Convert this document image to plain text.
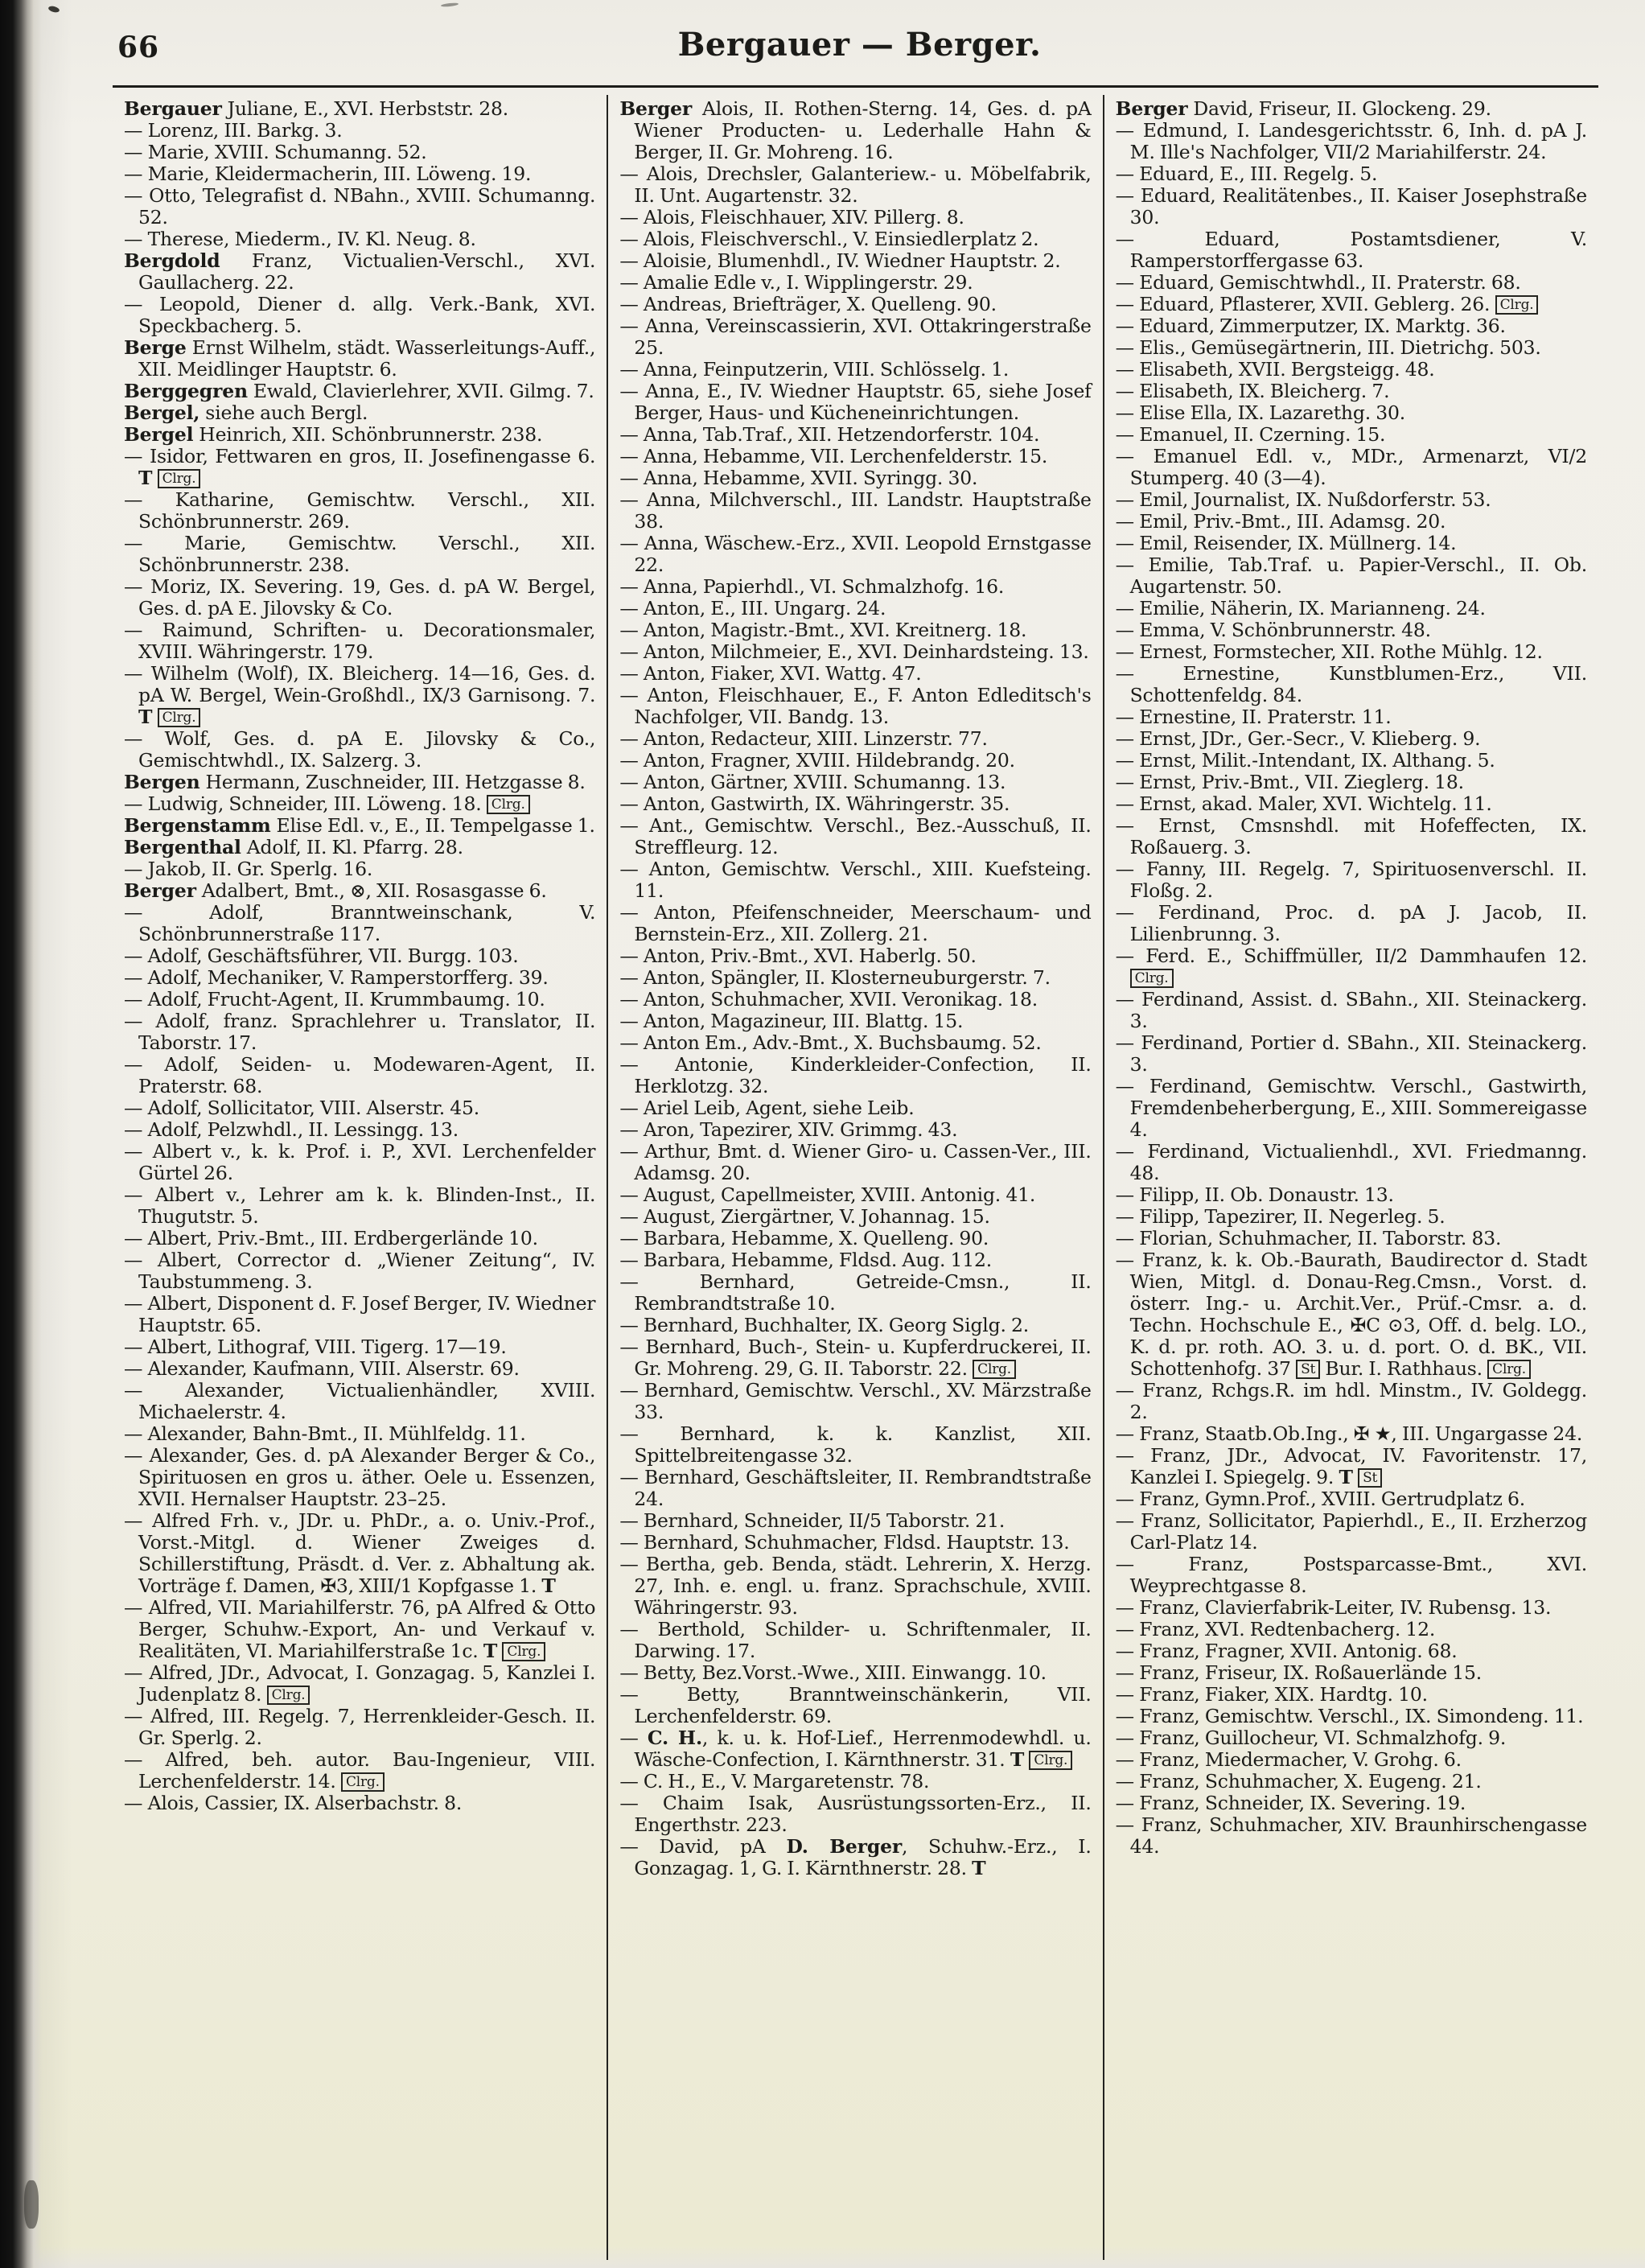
66	Bergauer — Berger.
Bergauer Juliane, E., XVI. Herbststr. 28.
— Lorenz, III. Barkg. 3.
— Marie, XVIII. Schumanng. 52.
— Marie, Kleidermacherin, III. Löweng. 19.
— Otto, Telegrafist d. NBahn., XVIII. Schumanng. 52.
— Therese, Miederm., IV. Kl. Neug. 8.
Bergdold Franz, Victualien-Verschl., XVI. Gaullacherg. 22.
— Leopold, Diener d. allg. Verk.-Bank, XVI. Speckbacherg. 5.
Berge Ernst Wilhelm, städt. Wasserleitungs-Auff., XII. Meidlinger Hauptstr. 6.
Berggegren Ewald, Clavierlehrer, XVII. Gilmg. 7.
Bergel, siehe auch Bergl.
Bergel Heinrich, XII. Schönbrunnerstr. 238.
— Isidor, Fettwaren en gros, II. Josefinengasse 6. T Clrg.
— Katharine, Gemischtw. Verschl., XII. Schönbrunnerstr. 269.
— Marie, Gemischtw. Verschl., XII. Schönbrunnerstr. 238.
— Moriz, IX. Severing. 19, Ges. d. pA W. Bergel, Ges. d. pA E. Jilovsky & Co.
— Raimund, Schriften- u. Decorationsmaler, XVIII. Währingerstr. 179.
— Wilhelm (Wolf), IX. Bleicherg. 14—16, Ges. d. pA W. Bergel, Wein-Großhdl., IX/3 Garnisong. 7. T Clrg.
— Wolf, Ges. d. pA E. Jilovsky & Co., Gemischtwhdl., IX. Salzerg. 3.
Bergen Hermann, Zuschneider, III. Hetzgasse 8.
— Ludwig, Schneider, III. Löweng. 18. Clrg.
Bergenstamm Elise Edl. v., E., II. Tempelgasse 1.
Bergenthal Adolf, II. Kl. Pfarrg. 28.
— Jakob, II. Gr. Sperlg. 16.
Berger Adalbert, Bmt., ⊗, XII. Rosasgasse 6.
— Adolf, Branntweinschank, V. Schönbrunnerstraße 117.
— Adolf, Geschäftsführer, VII. Burgg. 103.
— Adolf, Mechaniker, V. Ramperstorfferg. 39.
— Adolf, Frucht-Agent, II. Krummbaumg. 10.
— Adolf, franz. Sprachlehrer u. Translator, II. Taborstr. 17.
— Adolf, Seiden- u. Modewaren-Agent, II. Praterstr. 68.
— Adolf, Sollicitator, VIII. Alserstr. 45.
— Adolf, Pelzwhdl., II. Lessingg. 13.
— Albert v., k. k. Prof. i. P., XVI. Lerchenfelder Gürtel 26.
— Albert v., Lehrer am k. k. Blinden-Inst., II. Thugutstr. 5.
— Albert, Priv.-Bmt., III. Erdbergerlände 10.
— Albert, Corrector d. „Wiener Zeitung“, IV. Taubstummeng. 3.
— Albert, Disponent d. F. Josef Berger, IV. Wiedner Hauptstr. 65.
— Albert, Lithograf, VIII. Tigerg. 17—19.
— Alexander, Kaufmann, VIII. Alserstr. 69.
— Alexander, Victualienhändler, XVIII. Michaelerstr. 4.
— Alexander, Bahn-Bmt., II. Mühlfeldg. 11.
— Alexander, Ges. d. pA Alexander Berger & Co., Spirituosen en gros u. äther. Oele u. Essenzen, XVII. Hernalser Hauptstr. 23–25.
— Alfred Frh. v., JDr. u. PhDr., a. o. Univ.-Prof., Vorst.-Mitgl. d. Wiener Zweiges d. Schillerstiftung, Präsdt. d. Ver. z. Abhaltung ak. Vorträge f. Damen, ✠3, XIII/1 Kopfgasse 1. T
— Alfred, VII. Mariahilferstr. 76, pA Alfred & Otto Berger, Schuhw.-Export, An- und Verkauf v. Realitäten, VI. Mariahilferstraße 1c. T Clrg.
— Alfred, JDr., Advocat, I. Gonzagag. 5, Kanzlei I. Judenplatz 8. Clrg.
— Alfred, III. Regelg. 7, Herrenkleider-Gesch. II. Gr. Sperlg. 2.
— Alfred, beh. autor. Bau-Ingenieur, VIII. Lerchenfelderstr. 14. Clrg.
— Alois, Cassier, IX. Alserbachstr. 8.
Berger Alois, II. Rothen-Sterng. 14, Ges. d. pA Wiener Producten- u. Lederhalle Hahn & Berger, II. Gr. Mohreng. 16.
— Alois, Drechsler, Galanteriew.- u. Möbelfabrik, II. Unt. Augartenstr. 32.
— Alois, Fleischhauer, XIV. Pillerg. 8.
— Alois, Fleischverschl., V. Einsiedlerplatz 2.
— Aloisie, Blumenhdl., IV. Wiedner Hauptstr. 2.
— Amalie Edle v., I. Wipplingerstr. 29.
— Andreas, Briefträger, X. Quelleng. 90.
— Anna, Vereinscassierin, XVI. Ottakringerstraße 25.
— Anna, Feinputzerin, VIII. Schlösselg. 1.
— Anna, E., IV. Wiedner Hauptstr. 65, siehe Josef Berger, Haus- und Kücheneinrichtungen.
— Anna, Tab.Traf., XII. Hetzendorferstr. 104.
— Anna, Hebamme, VII. Lerchenfelderstr. 15.
— Anna, Hebamme, XVII. Syringg. 30.
— Anna, Milchverschl., III. Landstr. Hauptstraße 38.
— Anna, Wäschew.-Erz., XVII. Leopold Ernstgasse 22.
— Anna, Papierhdl., VI. Schmalzhofg. 16.
— Anton, E., III. Ungarg. 24.
— Anton, Magistr.-Bmt., XVI. Kreitnerg. 18.
— Anton, Milchmeier, E., XVI. Deinhardsteing. 13.
— Anton, Fiaker, XVI. Wattg. 47.
— Anton, Fleischhauer, E., F. Anton Edleditsch's Nachfolger, VII. Bandg. 13.
— Anton, Redacteur, XIII. Linzerstr. 77.
— Anton, Fragner, XVIII. Hildebrandg. 20.
— Anton, Gärtner, XVIII. Schumanng. 13.
— Anton, Gastwirth, IX. Währingerstr. 35.
— Ant., Gemischtw. Verschl., Bez.-Ausschuß, II. Streffleurg. 12.
— Anton, Gemischtw. Verschl., XIII. Kuefsteing. 11.
— Anton, Pfeifenschneider, Meerschaum- und Bernstein-Erz., XII. Zollerg. 21.
— Anton, Priv.-Bmt., XVI. Haberlg. 50.
— Anton, Spängler, II. Klosterneuburgerstr. 7.
— Anton, Schuhmacher, XVII. Veronikag. 18.
— Anton, Magazineur, III. Blattg. 15.
— Anton Em., Adv.-Bmt., X. Buchsbaumg. 52.
— Antonie, Kinderkleider-Confection, II. Herklotzg. 32.
— Ariel Leib, Agent, siehe Leib.
— Aron, Tapezirer, XIV. Grimmg. 43.
— Arthur, Bmt. d. Wiener Giro- u. Cassen-Ver., III. Adamsg. 20.
— August, Capellmeister, XVIII. Antonig. 41.
— August, Ziergärtner, V. Johannag. 15.
— Barbara, Hebamme, X. Quelleng. 90.
— Barbara, Hebamme, Fldsd. Aug. 112.
— Bernhard, Getreide-Cmsn., II. Rembrandtstraße 10.
— Bernhard, Buchhalter, IX. Georg Siglg. 2.
— Bernhard, Buch-, Stein- u. Kupferdruckerei, II. Gr. Mohreng. 29, G. II. Taborstr. 22. Clrg.
— Bernhard, Gemischtw. Verschl., XV. Märzstraße 33.
— Bernhard, k. k. Kanzlist, XII. Spittelbreitengasse 32.
— Bernhard, Geschäftsleiter, II. Rembrandtstraße 24.
— Bernhard, Schneider, II/5 Taborstr. 21.
— Bernhard, Schuhmacher, Fldsd. Hauptstr. 13.
— Bertha, geb. Benda, städt. Lehrerin, X. Herzg. 27, Inh. e. engl. u. franz. Sprachschule, XVIII. Währingerstr. 93.
— Berthold, Schilder- u. Schriftenmaler, II. Darwing. 17.
— Betty, Bez.Vorst.-Wwe., XIII. Einwangg. 10.
— Betty, Branntweinschänkerin, VII. Lerchenfelderstr. 69.
— C. H., k. u. k. Hof-Lief., Herrenmodewhdl. u. Wäsche-Confection, I. Kärnthnerstr. 31. T Clrg.
— C. H., E., V. Margaretenstr. 78.
— Chaim Isak, Ausrüstungssorten-Erz., II. Engerthstr. 223.
— David, pA D. Berger, Schuhw.-Erz., I. Gonzagag. 1, G. I. Kärnthnerstr. 28. T
Berger David, Friseur, II. Glockeng. 29.
— Edmund, I. Landesgerichtsstr. 6, Inh. d. pA J. M. Ille's Nachfolger, VII/2 Mariahilferstr. 24.
— Eduard, E., III. Regelg. 5.
— Eduard, Realitätenbes., II. Kaiser Josephstraße 30.
— Eduard, Postamtsdiener, V. Ramperstorffergasse 63.
— Eduard, Gemischtwhdl., II. Praterstr. 68.
— Eduard, Pflasterer, XVII. Geblerg. 26. Clrg.
— Eduard, Zimmerputzer, IX. Marktg. 36.
— Elis., Gemüsegärtnerin, III. Dietrichg. 503.
— Elisabeth, XVII. Bergsteigg. 48.
— Elisabeth, IX. Bleicherg. 7.
— Elise Ella, IX. Lazarethg. 30.
— Emanuel, II. Czerning. 15.
— Emanuel Edl. v., MDr., Armenarzt, VI/2 Stumperg. 40 (3—4).
— Emil, Journalist, IX. Nußdorferstr. 53.
— Emil, Priv.-Bmt., III. Adamsg. 20.
— Emil, Reisender, IX. Müllnerg. 14.
— Emilie, Tab.Traf. u. Papier-Verschl., II. Ob. Augartenstr. 50.
— Emilie, Näherin, IX. Marianneng. 24.
— Emma, V. Schönbrunnerstr. 48.
— Ernest, Formstecher, XII. Rothe Mühlg. 12.
— Ernestine, Kunstblumen-Erz., VII. Schottenfeldg. 84.
— Ernestine, II. Praterstr. 11.
— Ernst, JDr., Ger.-Secr., V. Klieberg. 9.
— Ernst, Milit.-Intendant, IX. Althang. 5.
— Ernst, Priv.-Bmt., VII. Zieglerg. 18.
— Ernst, akad. Maler, XVI. Wichtelg. 11.
— Ernst, Cmsnshdl. mit Hofeffecten, IX. Roßauerg. 3.
— Fanny, III. Regelg. 7, Spirituosenverschl. II. Floßg. 2.
— Ferdinand, Proc. d. pA J. Jacob, II. Lilienbrunng. 3.
— Ferd. E., Schiffmüller, II/2 Dammhaufen 12. Clrg.
— Ferdinand, Assist. d. SBahn., XII. Steinackerg. 3.
— Ferdinand, Portier d. SBahn., XII. Steinackerg. 3.
— Ferdinand, Gemischtw. Verschl., Gastwirth, Fremdenbeherbergung, E., XIII. Sommereigasse 4.
— Ferdinand, Victualienhdl., XVI. Friedmanng. 48.
— Filipp, II. Ob. Donaustr. 13.
— Filipp, Tapezirer, II. Negerleg. 5.
— Florian, Schuhmacher, II. Taborstr. 83.
— Franz, k. k. Ob.-Baurath, Baudirector d. Stadt Wien, Mitgl. d. Donau-Reg.Cmsn., Vorst. d. österr. Ing.- u. Archit.Ver., Prüf.-Cmsr. a. d. Techn. Hochschule E., ✠C ⊙3, Off. d. belg. LO., K. d. pr. roth. AO. 3. u. d. port. O. d. BK., VII. Schottenhofg. 37 St Bur. I. Rathhaus. Clrg.
— Franz, Rchgs.R. im hdl. Minstm., IV. Goldegg. 2.
— Franz, Staatb.Ob.Ing., ✠ ★, III. Ungargasse 24.
— Franz, JDr., Advocat, IV. Favoritenstr. 17, Kanzlei I. Spiegelg. 9. T St
— Franz, Gymn.Prof., XVIII. Gertrudplatz 6.
— Franz, Sollicitator, Papierhdl., E., II. Erzherzog Carl-Platz 14.
— Franz, Postsparcasse-Bmt., XVI. Weyprechtgasse 8.
— Franz, Clavierfabrik-Leiter, IV. Rubensg. 13.
— Franz, XVI. Redtenbacherg. 12.
— Franz, Fragner, XVII. Antonig. 68.
— Franz, Friseur, IX. Roßauerlände 15.
— Franz, Fiaker, XIX. Hardtg. 10.
— Franz, Gemischtw. Verschl., IX. Simondeng. 11.
— Franz, Guillocheur, VI. Schmalzhofg. 9.
— Franz, Miedermacher, V. Grohg. 6.
— Franz, Schuhmacher, X. Eugeng. 21.
— Franz, Schneider, IX. Severing. 19.
— Franz, Schuhmacher, XIV. Braunhirschengasse 44.
